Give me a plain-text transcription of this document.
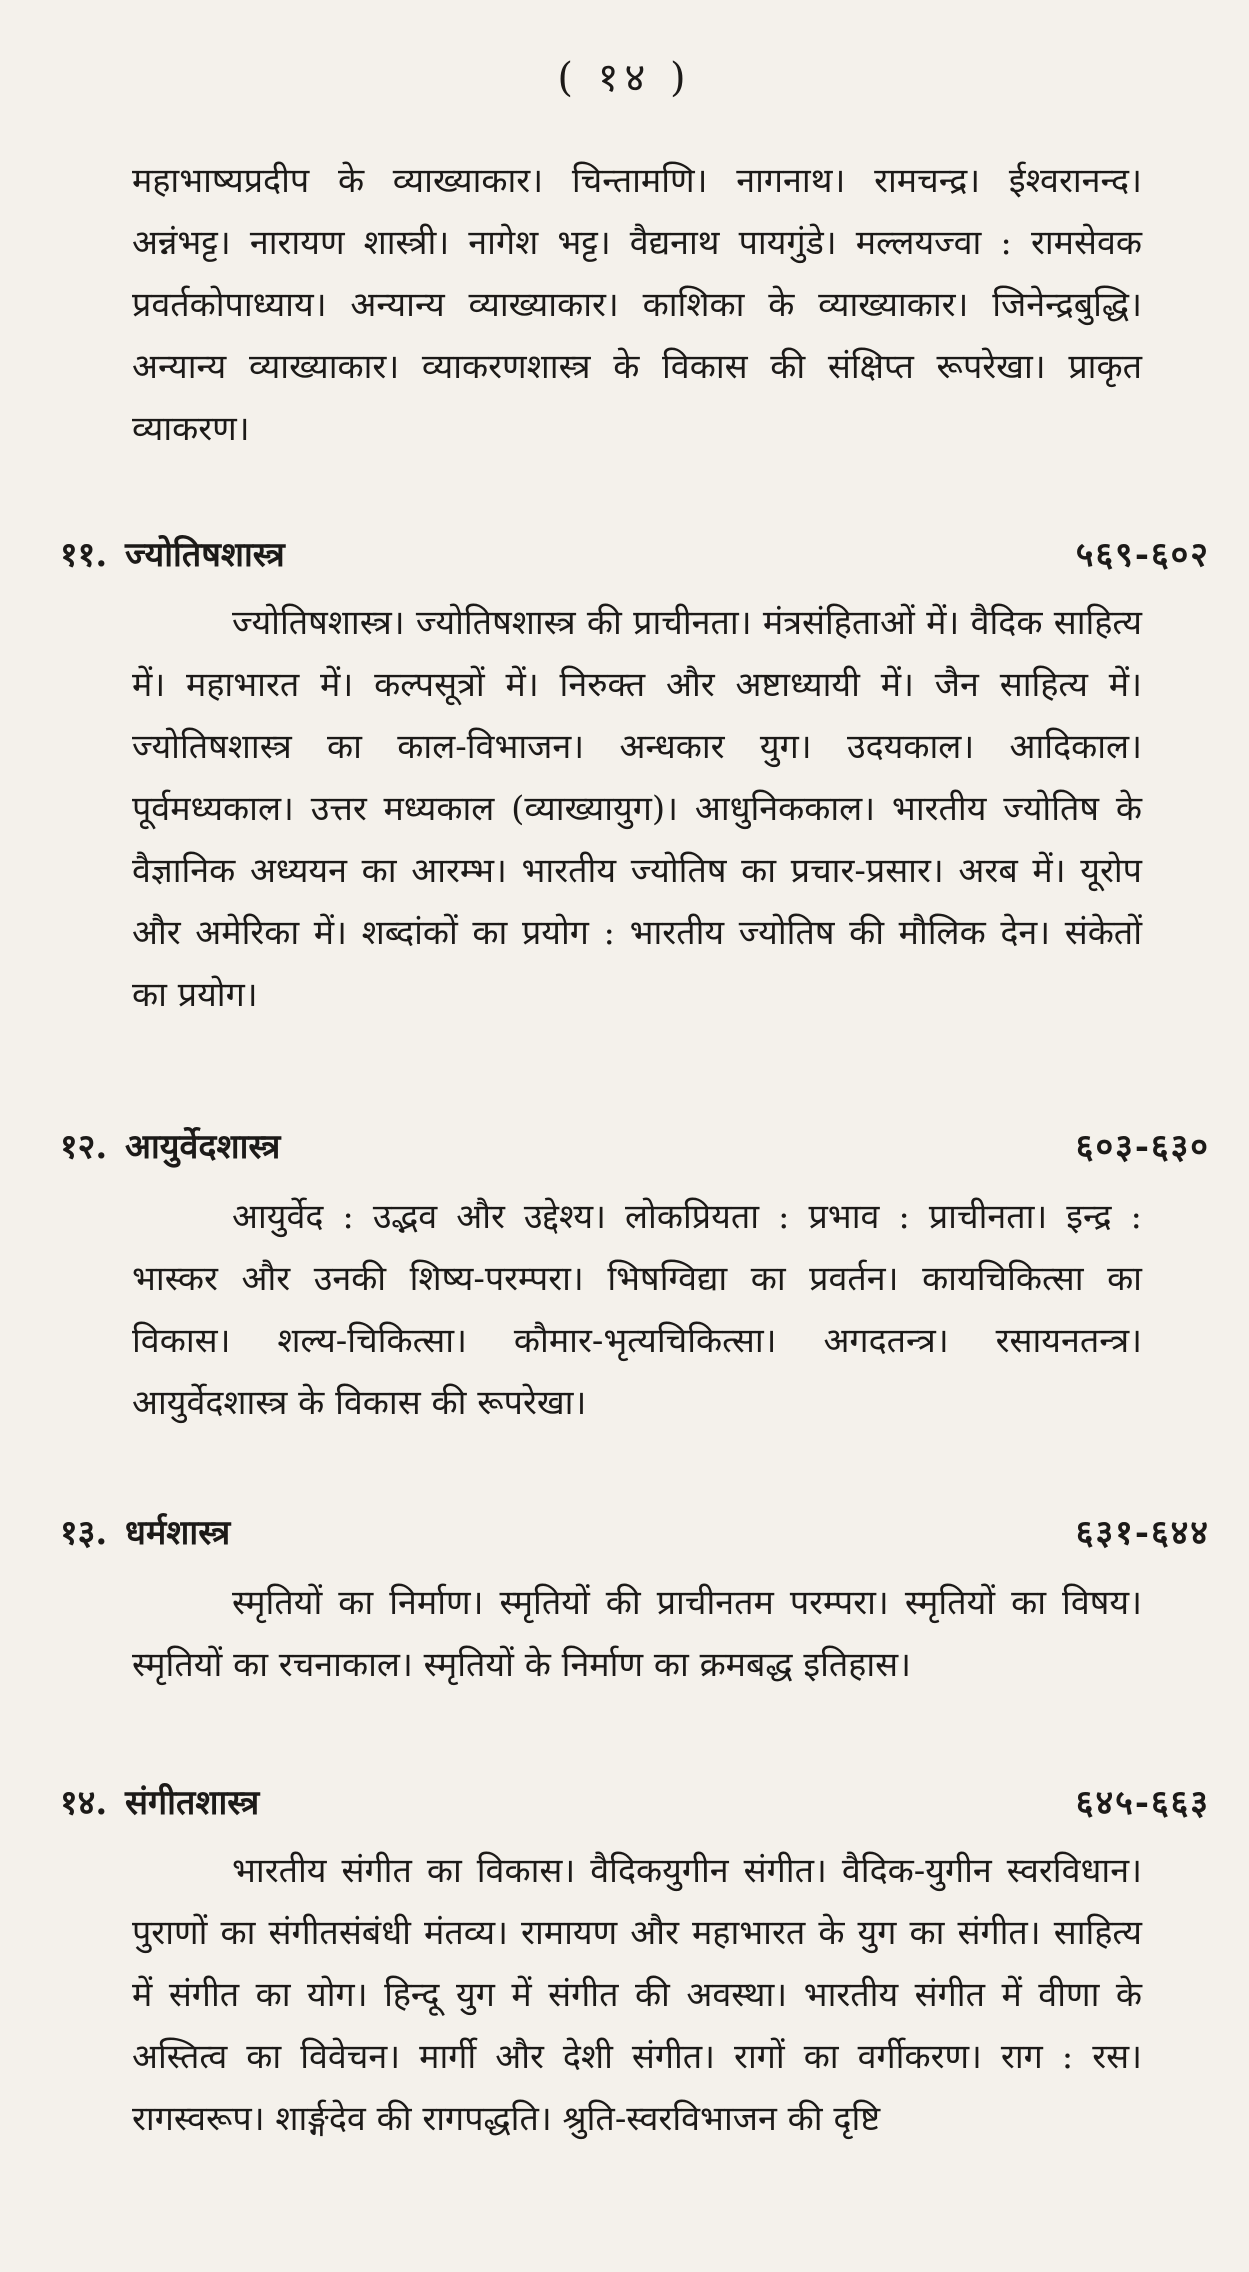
( १४ )
महाभाष्यप्रदीप के व्याख्याकार। चिन्तामणि। नागनाथ। रामचन्द्र। ईश्वरानन्द। अन्नंभट्ट। नारायण शास्त्री। नागेश भट्ट। वैद्यनाथ पायगुंडे। मल्लयज्वा : रामसेवक प्रवर्तकोपाध्याय। अन्यान्य व्याख्याकार। काशिका के व्याख्याकार। जिनेन्द्रबुद्धि। अन्यान्य व्याख्याकार। व्याकरणशास्त्र के विकास की संक्षिप्त रूपरेखा। प्राकृत व्याकरण।
११. ज्योतिषशास्त्र	५६९-६०२
ज्योतिषशास्त्र। ज्योतिषशास्त्र की प्राचीनता। मंत्रसंहिताओं में। वैदिक साहित्य में। महाभारत में। कल्पसूत्रों में। निरुक्त और अष्टाध्यायी में। जैन साहित्य में। ज्योतिषशास्त्र का काल-विभाजन। अन्धकार युग। उदयकाल। आदिकाल। पूर्वमध्यकाल। उत्तर मध्यकाल (व्याख्यायुग)। आधुनिककाल। भारतीय ज्योतिष के वैज्ञानिक अध्ययन का आरम्भ। भारतीय ज्योतिष का प्रचार-प्रसार। अरब में। यूरोप और अमेरिका में। शब्दांकों का प्रयोग : भारतीय ज्योतिष की मौलिक देन। संकेतों का प्रयोग।
१२. आयुर्वेदशास्त्र	६०३-६३०
आयुर्वेद : उद्भव और उद्देश्य। लोकप्रियता : प्रभाव : प्राचीनता। इन्द्र : भास्कर और उनकी शिष्य-परम्परा। भिषग्विद्या का प्रवर्तन। कायचिकित्सा का विकास। शल्य-चिकित्सा। कौमार-भृत्यचिकित्सा। अगदतन्त्र। रसायनतन्त्र। आयुर्वेदशास्त्र के विकास की रूपरेखा।
१३. धर्मशास्त्र	६३१-६४४
स्मृतियों का निर्माण। स्मृतियों की प्राचीनतम परम्परा। स्मृतियों का विषय। स्मृतियों का रचनाकाल। स्मृतियों के निर्माण का क्रमबद्ध इतिहास।
१४. संगीतशास्त्र	६४५-६६३
भारतीय संगीत का विकास। वैदिकयुगीन संगीत। वैदिक-युगीन स्वरविधान। पुराणों का संगीतसंबंधी मंतव्य। रामायण और महाभारत के युग का संगीत। साहित्य में संगीत का योग। हिन्दू युग में संगीत की अवस्था। भारतीय संगीत में वीणा के अस्तित्व का विवेचन। मार्गी और देशी संगीत। रागों का वर्गीकरण। राग : रस। रागस्वरूप। शार्ङ्गदेव की रागपद्धति। श्रुति-स्वरविभाजन की दृष्टि
